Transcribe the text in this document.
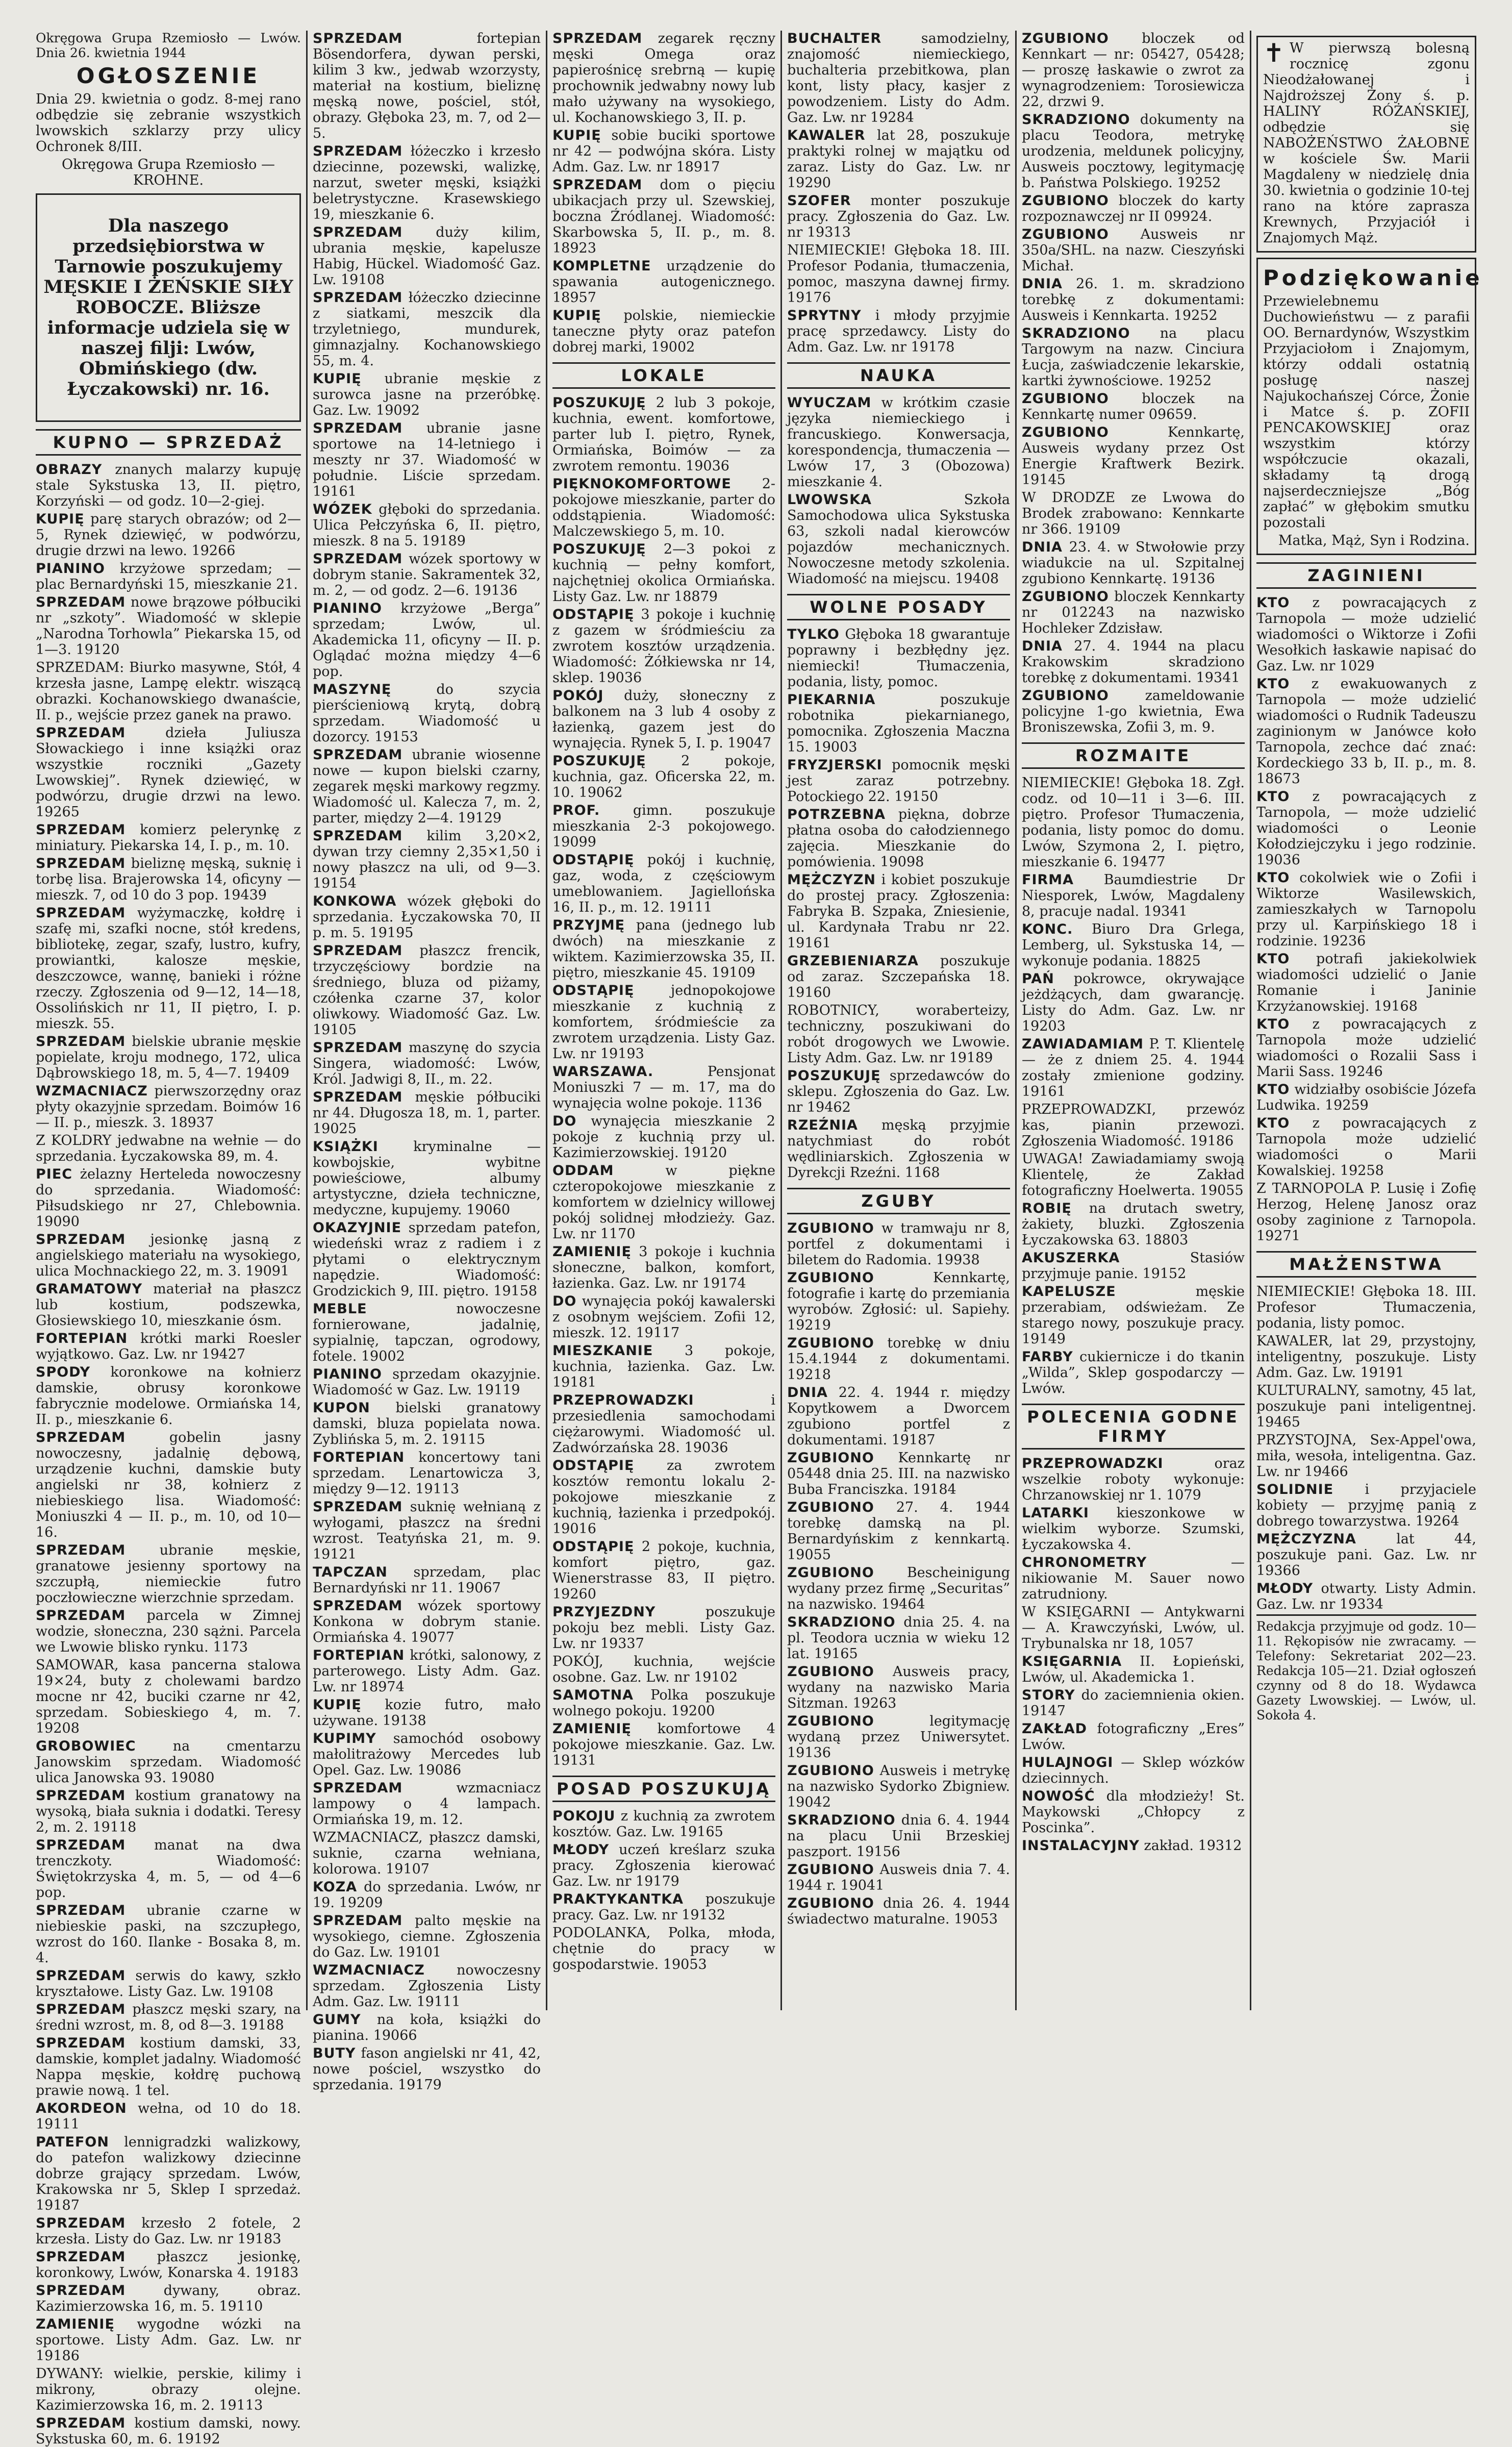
Okręgowa Grupa Rzemiosło — Lwów. Dnia 26. kwietnia 1944

OGŁOSZENIE

Dnia 29. kwietnia o godz. 8-mej rano odbędzie się zebranie wszystkich lwowskich szklarzy przy ulicy Ochronek 8/III.

Okręgowa Grupa Rzemiosło — KROHNE.

Dla naszego przedsiębiorstwa w Tarnowie poszukujemy MĘSKIE I ŻEŃSKIE SIŁY ROBOCZE. Bliższe informacje udziela się w naszej filji: Lwów, Obmińskiego (dw. Łyczakowski) nr. 16.

KUPNO — SPRZEDAŻ

OBRAZY znanych malarzy kupuję stale Sykstuska 13, II. piętro, Korzyński — od godz. 10—2-giej.

KUPIĘ parę starych obrazów; od 2—5, Rynek dziewięć, w podwórzu, drugie drzwi na lewo. 19266

PIANINO krzyżowe sprzedam; — plac Bernardyński 15, mieszkanie 21.

SPRZEDAM nowe brązowe półbuciki nr „szkoty”. Wiadomość w sklepie „Narodna Torhowla” Piekarska 15, od 1—3. 19120

SPRZEDAM: Biurko masywne, Stół, 4 krzesła jasne, Lampę elektr. wiszącą obrazki. Kochanowskiego dwanaście, II. p., wejście przez ganek na prawo.

SPRZEDAM dzieła Juliusza Słowackiego i inne książki oraz wszystkie roczniki „Gazety Lwowskiej”. Rynek dziewięć, w podwórzu, drugie drzwi na lewo. 19265

SPRZEDAM komierz pelerynkę z miniatury. Piekarska 14, I. p., m. 10.

SPRZEDAM bieliznę męską, suknię i torbę lisa. Brajerowska 14, oficyny — mieszk. 7, od 10 do 3 pop. 19439

SPRZEDAM wyżymaczkę, kołdrę i szafę mi, szafki nocne, stół kredens, bibliotekę, zegar, szafy, lustro, kufry, prowiantki, kalosze męskie, deszczowce, wannę, banieki i różne rzeczy. Zgłoszenia od 9—12, 14—18, Ossolińskich nr 11, II piętro, I. p. mieszk. 55.

SPRZEDAM bielskie ubranie męskie popielate, kroju modnego, 172, ulica Dąbrowskiego 18, m. 5, 4—7. 19409

WZMACNIACZ pierwszorzędny oraz płyty okazyjnie sprzedam. Boimów 16 — II. p., mieszk. 3. 18937

Z KOLDRY jedwabne na wełnie — do sprzedania. Łyczakowska 89, m. 4.

PIEC żelazny Herteleda nowoczesny do sprzedania. Wiadomość: Piłsudskiego nr 27, Chlebownia. 19090

SPRZEDAM jesionkę jasną z angielskiego materiału na wysokiego, ulica Mochnackiego 22, m. 3. 19091

GRAMATOWY materiał na płaszcz lub kostium, podszewka, Głosiewskiego 10, mieszkanie ósm.

FORTEPIAN krótki marki Roesler wyjątkowo. Gaz. Lw. nr 19427

SPODY koronkowe na kołnierz damskie, obrusy koronkowe fabrycznie modelowe. Ormiańska 14, II. p., mieszkanie 6.

SPRZEDAM gobelin jasny nowoczesny, jadalnię dębową, urządzenie kuchni, damskie buty angielski nr 38, kołnierz z niebieskiego lisa. Wiadomość: Moniuszki 4 — II. p., m. 10, od 10—16.

SPRZEDAM ubranie męskie, granatowe jesienny sportowy na szczupłą, niemieckie futro poczłowieczne wierzchnie sprzedam.

SPRZEDAM parcela w Zimnej wodzie, słoneczna, 230 sążni. Parcela we Lwowie blisko rynku. 1173

SAMOWAR, kasa pancerna stalowa 19×24, buty z cholewami bardzo mocne nr 42, buciki czarne nr 42, sprzedam. Sobieskiego 4, m. 7. 19208

GROBOWIEC na cmentarzu Janowskim sprzedam. Wiadomość ulica Janowska 93. 19080

SPRZEDAM kostium granatowy na wysoką, biała suknia i dodatki. Teresy 2, m. 2. 19118

SPRZEDAM manat na dwa trenczkoty. Wiadomość: Świętokrzyska 4, m. 5, — od 4—6 pop.

SPRZEDAM ubranie czarne w niebieskie paski, na szczupłego, wzrost do 160. Ilanke - Bosaka 8, m. 4.

SPRZEDAM serwis do kawy, szkło kryształowe. Listy Gaz. Lw. 19108

SPRZEDAM płaszcz męski szary, na średni wzrost, m. 8, od 8—3. 19188

SPRZEDAM kostium damski, 33, damskie, komplet jadalny. Wiadomość Nappa męskie, kołdrę puchową prawie nową. 1 tel.

AKORDEON wełna, od 10 do 18. 19111

PATEFON lennigradzki walizkowy, do patefon walizkowy dziecinne dobrze grający sprzedam. Lwów, Krakowska nr 5, Sklep I sprzedaż. 19187

SPRZEDAM krzesło 2 fotele, 2 krzesła. Listy do Gaz. Lw. nr 19183

SPRZEDAM płaszcz jesionkę, koronkowy, Lwów, Konarska 4. 19183

SPRZEDAM dywany, obraz. Kazimierzowska 16, m. 5. 19110

ZAMIENIĘ wygodne wózki na sportowe. Listy Adm. Gaz. Lw. nr 19186

DYWANY: wielkie, perskie, kilimy i mikrony, obrazy olejne. Kazimierzowska 16, m. 2. 19113

SPRZEDAM kostium damski, nowy. Sykstuska 60, m. 6. 19192

SPRZEDAM fortepian Bösendorfera, dywan perski, kilim 3 kw., jedwab wzorzysty, materiał na kostium, bieliznę męską nowe, pościel, stół, obrazy. Głęboka 23, m. 7, od 2—5.

SPRZEDAM łóżeczko i krzesło dziecinne, pozewski, walizkę, narzut, sweter męski, książki beletrystyczne. Krasewskiego 19, mieszkanie 6.

SPRZEDAM duży kilim, ubrania męskie, kapelusze Habig, Hückel. Wiadomość Gaz. Lw. 19108

SPRZEDAM łóżeczko dziecinne z siatkami, meszcik dla trzyletniego, mundurek, gimnazjalny. Kochanowskiego 55, m. 4.

KUPIĘ ubranie męskie z surowca jasne na przeróbkę. Gaz. Lw. 19092

SPRZEDAM ubranie jasne sportowe na 14-letniego i meszty nr 37. Wiadomość w południe. Liście sprzedam. 19161

WÓZEK głęboki do sprzedania. Ulica Pełczyńska 6, II. piętro, mieszk. 8 na 5. 19189

SPRZEDAM wózek sportowy w dobrym stanie. Sakramentek 32, m. 2, — od godz. 2—6. 19136

PIANINO krzyżowe „Berga” sprzedam; Lwów, ul. Akademicka 11, oficyny — II. p. Oglądać można między 4—6 pop.

MASZYNĘ do szycia pierścieniową krytą, dobrą sprzedam. Wiadomość u dozorcy. 19153

SPRZEDAM ubranie wiosenne nowe — kupon bielski czarny, zegarek męski markowy regzmy. Wiadomość ul. Kalecza 7, m. 2, parter, między 2—4. 19129

SPRZEDAM kilim 3,20×2, dywan trzy ciemny 2,35×1,50 i nowy płaszcz na uli, od 9—3. 19154

KONKOWA wózek głęboki do sprzedania. Łyczakowska 70, II p. m. 5. 19195

SPRZEDAM płaszcz frencik, trzyczęściowy bordzie na średniego, bluza od piżamy, czółenka czarne 37, kolor oliwkowy. Wiadomość Gaz. Lw. 19105

SPRZEDAM maszynę do szycia Singera, wiadomość: Lwów, Król. Jadwigi 8, II., m. 22.

SPRZEDAM męskie półbuciki nr 44. Długosza 18, m. 1, parter. 19025

KSIĄŻKI kryminalne — kowbojskie, wybitne powieściowe, albumy artystyczne, dzieła techniczne, medyczne, kupujemy. 19060

OKAZYJNIE sprzedam patefon, wiedeński wraz z radiem i z płytami o elektrycznym napędzie. Wiadomość: Grodzickich 9, III. piętro. 19158

MEBLE nowoczesne fornierowane, jadalnię, sypialnię, tapczan, ogrodowy, fotele. 19002

PIANINO sprzedam okazyjnie. Wiadomość w Gaz. Lw. 19119

KUPON bielski granatowy damski, bluza popielata nowa. Zyblińska 5, m. 2. 19115

FORTEPIAN koncertowy tani sprzedam. Lenartowicza 3, między 9—12. 19113

SPRZEDAM suknię wełnianą z wyłogami, płaszcz na średni wzrost. Teatyńska 21, m. 9. 19121

TAPCZAN sprzedam, plac Bernardyński nr 11. 19067

SPRZEDAM wózek sportowy Konkona w dobrym stanie. Ormiańska 4. 19077

FORTEPIAN krótki, salonowy, z parterowego. Listy Adm. Gaz. Lw. nr 18974

KUPIĘ kozie futro, mało używane. 19138

KUPIMY samochód osobowy małolitrażowy Mercedes lub Opel. Gaz. Lw. 19086

SPRZEDAM wzmacniacz lampowy o 4 lampach. Ormiańska 19, m. 12.

WZMACNIACZ, płaszcz damski, suknie, czarna wełniana, kolorowa. 19107

KOZA do sprzedania. Lwów, nr 19. 19209

SPRZEDAM palto męskie na wysokiego, ciemne. Zgłoszenia do Gaz. Lw. 19101

WZMACNIACZ nowoczesny sprzedam. Zgłoszenia Listy Adm. Gaz. Lw. 19111

GUMY na koła, książki do pianina. 19066

BUTY fason angielski nr 41, 42, nowe pościel, wszystko do sprzedania. 19179

SPRZEDAM zegarek ręczny męski Omega oraz papierośnicę srebrną — kupię prochownik jedwabny nowy lub mało używany na wysokiego, ul. Kochanowskiego 3, II. p.

KUPIĘ sobie buciki sportowe nr 42 — podwójna skóra. Listy Adm. Gaz. Lw. nr 18917

SPRZEDAM dom o pięciu ubikacjach przy ul. Szewskiej, boczna Źródlanej. Wiadomość: Skarbowska 5, II. p., m. 8. 18923

KOMPLETNE urządzenie do spawania autogenicznego. 18957

KUPIĘ polskie, niemieckie taneczne płyty oraz patefon dobrej marki, 19002

LOKALE

POSZUKUJĘ 2 lub 3 pokoje, kuchnia, ewent. komfortowe, parter lub I. piętro, Rynek, Ormiańska, Boimów — za zwrotem remontu. 19036

PIĘKNOKOMFORTOWE 2-pokojowe mieszkanie, parter do oddstąpienia. Wiadomość: Malczewskiego 5, m. 10.

POSZUKUJĘ 2—3 pokoi z kuchnią — pełny komfort, najchętniej okolica Ormiańska. Listy Gaz. Lw. nr 18879

ODSTĄPIĘ 3 pokoje i kuchnię z gazem w śródmieściu za zwrotem kosztów urządzenia. Wiadomość: Żółkiewska nr 14, sklep. 19036

POKÓJ duży, słoneczny z balkonem na 3 lub 4 osoby z łazienką, gazem jest do wynajęcia. Rynek 5, I. p. 19047

POSZUKUJĘ 2 pokoje, kuchnia, gaz. Oficerska 22, m. 10. 19062

PROF. gimn. poszukuje mieszkania 2-3 pokojowego. 19099

ODSTĄPIĘ pokój i kuchnię, gaz, woda, z częściowym umeblowaniem. Jagiellońska 16, II. p., m. 12. 19111

PRZYJMĘ pana (jednego lub dwóch) na mieszkanie z wiktem. Kazimierzowska 35, II. piętro, mieszkanie 45. 19109

ODSTĄPIĘ jednopokojowe mieszkanie z kuchnią z komfortem, śródmieście za zwrotem urządzenia. Listy Gaz. Lw. nr 19193

WARSZAWA. Pensjonat Moniuszki 7 — m. 17, ma do wynajęcia wolne pokoje. 1136

DO wynajęcia mieszkanie 2 pokoje z kuchnią przy ul. Kazimierzowskiej. 19120

ODDAM w piękne czteropokojowe mieszkanie z komfortem w dzielnicy willowej pokój solidnej młodzieży. Gaz. Lw. nr 1170

ZAMIENIĘ 3 pokoje i kuchnia słoneczne, balkon, komfort, łazienka. Gaz. Lw. nr 19174

DO wynajęcia pokój kawalerski z osobnym wejściem. Zofii 12, mieszk. 12. 19117

MIESZKANIE 3 pokoje, kuchnia, łazienka. Gaz. Lw. 19181

PRZEPROWADZKI i przesiedlenia samochodami ciężarowymi. Wiadomość ul. Zadwórzańska 28. 19036

ODSTĄPIĘ za zwrotem kosztów remontu lokalu 2-pokojowe mieszkanie z kuchnią, łazienka i przedpokój. 19016

ODSTĄPIĘ 2 pokoje, kuchnia, komfort piętro, gaz. Wienerstrasse 83, II piętro. 19260

PRZYJEZDNY poszukuje pokoju bez mebli. Listy Gaz. Lw. nr 19337

POKÓJ, kuchnia, wejście osobne. Gaz. Lw. nr 19102

SAMOTNA Polka poszukuje wolnego pokoju. 19200

ZAMIENIĘ komfortowe 4 pokojowe mieszkanie. Gaz. Lw. 19131

POSAD POSZUKUJĄ

POKOJU z kuchnią za zwrotem kosztów. Gaz. Lw. 19165

MŁODY uczeń kreślarz szuka pracy. Zgłoszenia kierować Gaz. Lw. nr 19179

PRAKTYKANTKA poszukuje pracy. Gaz. Lw. nr 19132

PODOLANKA, Polka, młoda, chętnie do pracy w gospodarstwie. 19053

BUCHALTER samodzielny, znajomość niemieckiego, buchalteria przebitkowa, plan kont, listy płacy, kasjer z powodzeniem. Listy do Adm. Gaz. Lw. nr 19284

KAWALER lat 28, poszukuje praktyki rolnej w majątku od zaraz. Listy do Gaz. Lw. nr 19290

SZOFER monter poszukuje pracy. Zgłoszenia do Gaz. Lw. nr 19313

NIEMIECKIE! Głęboka 18. III. Profesor Podania, tłumaczenia, pomoc, maszyna dawnej firmy. 19176

SPRYTNY i młody przyjmie pracę sprzedawcy. Listy do Adm. Gaz. Lw. nr 19178

NAUKA

WYUCZAM w krótkim czasie języka niemieckiego i francuskiego. Konwersacja, korespondencja, tłumaczenia — Lwów 17, 3 (Obozowa) mieszkanie 4.

LWOWSKA Szkoła Samochodowa ulica Sykstuska 63, szkoli nadal kierowców pojazdów mechanicznych. Nowoczesne metody szkolenia. Wiadomość na miejscu. 19408

WOLNE POSADY

TYLKO Głęboka 18 gwarantuje poprawny i bezbłędny jęz. niemiecki! Tłumaczenia, podania, listy, pomoc.

PIEKARNIA poszukuje robotnika piekarnianego, pomocnika. Zgłoszenia Maczna 15. 19003

FRYZJERSKI pomocnik męski jest zaraz potrzebny. Potockiego 22. 19150

POTRZEBNA piękna, dobrze płatna osoba do całodziennego zajęcia. Mieszkanie do pomówienia. 19098

MĘŻCZYZN i kobiet poszukuje do prostej pracy. Zgłoszenia: Fabryka B. Szpaka, Zniesienie, ul. Kardynała Trabu nr 22. 19161

GRZEBIENIARZA poszukuje od zaraz. Szczepańska 18. 19160

ROBOTNICY, woraberteizy, techniczny, poszukiwani do robót drogowych we Lwowie. Listy Adm. Gaz. Lw. nr 19189

POSZUKUJĘ sprzedawców do sklepu. Zgłoszenia do Gaz. Lw. nr 19462

RZEŹNIA męską przyjmie natychmiast do robót wędliniarskich. Zgłoszenia w Dyrekcji Rzeźni. 1168

ZGUBY

ZGUBIONO w tramwaju nr 8, portfel z dokumentami i biletem do Radomia. 19938

ZGUBIONO Kennkartę, fotografie i kartę do przemiania wyrobów. Zgłosić: ul. Sapiehy. 19219

ZGUBIONO torebkę w dniu 15.4.1944 z dokumentami. 19218

DNIA 22. 4. 1944 r. między Kopytkowem a Dworcem zgubiono portfel z dokumentami. 19187

ZGUBIONO Kennkartę nr 05448 dnia 25. III. na nazwisko Buba Franciszka. 19184

ZGUBIONO 27. 4. 1944 torebkę damską na pl. Bernardyńskim z kennkartą. 19055

ZGUBIONO Bescheinigung wydany przez firmę „Securitas” na nazwisko. 19464

SKRADZIONO dnia 25. 4. na pl. Teodora ucznia w wieku 12 lat. 19165

ZGUBIONO Ausweis pracy, wydany na nazwisko Maria Sitzman. 19263

ZGUBIONO legitymację wydaną przez Uniwersytet. 19136

ZGUBIONO Ausweis i metrykę na nazwisko Sydorko Zbigniew. 19042

SKRADZIONO dnia 6. 4. 1944 na placu Unii Brzeskiej paszport. 19156

ZGUBIONO Ausweis dnia 7. 4. 1944 r. 19041

ZGUBIONO dnia 26. 4. 1944 świadectwo maturalne. 19053

ZGUBIONO bloczek od Kennkart — nr: 05427, 05428; — proszę łaskawie o zwrot za wynagrodzeniem: Torosiewicza 22, drzwi 9.

SKRADZIONO dokumenty na placu Teodora, metrykę urodzenia, meldunek policyjny, Ausweis pocztowy, legitymację b. Państwa Polskiego. 19252

ZGUBIONO bloczek do karty rozpoznawczej nr II 09924.

ZGUBIONO Ausweis nr 350a/SHL. na nazw. Cieszyński Michał.

DNIA 26. 1. m. skradziono torebkę z dokumentami: Ausweis i Kennkarta. 19252

SKRADZIONO na placu Targowym na nazw. Cinciura Łucja, zaświadczenie lekarskie, kartki żywnościowe. 19252

ZGUBIONO bloczek na Kennkartę numer 09659.

ZGUBIONO Kennkartę, Ausweis wydany przez Ost Energie Kraftwerk Bezirk. 19145

W DRODZE ze Lwowa do Brodek zrabowano: Kennkarte nr 366. 19109

DNIA 23. 4. w Stwołowie przy wiadukcie na ul. Szpitalnej zgubiono Kennkartę. 19136

ZGUBIONO bloczek Kennkarty nr 012243 na nazwisko Hochleker Zdzisław.

DNIA 27. 4. 1944 na placu Krakowskim skradziono torebkę z dokumentami. 19341

ZGUBIONO zameldowanie policyjne 1-go kwietnia, Ewa Broniszewska, Zofii 3, m. 9.

ROZMAITE

NIEMIECKIE! Głęboka 18. Zgł. codz. od 10—11 i 3—6. III. piętro. Profesor Tłumaczenia, podania, listy pomoc do domu. Lwów, Szymona 2, I. piętro, mieszkanie 6. 19477

FIRMA Baumdiestrie Dr Niesporek, Lwów, Magdaleny 8, pracuje nadal. 19341

KONC. Biuro Dra Grlega, Lemberg, ul. Sykstuska 14, — wykonuje podania. 18825

PAŃ pokrowce, okrywające jeżdżących, dam gwarancję. Listy do Adm. Gaz. Lw. nr 19203

ZAWIADAMIAM P. T. Klientelę — że z dniem 25. 4. 1944 zostały zmienione godziny. 19161

PRZEPROWADZKI, przewóz kas, pianin przewozi. Zgłoszenia Wiadomość. 19186

UWAGA! Zawiadamiamy swoją Klientelę, że Zakład fotograficzny Hoelwerta. 19055

ROBIĘ na drutach swetry, żakiety, bluzki. Zgłoszenia Łyczakowska 63. 18803

AKUSZERKA Stasiów przyjmuje panie. 19152

KAPELUSZE męskie przerabiam, odświeżam. Ze starego nowy, poszukuje pracy. 19149

FARBY cukiernicze i do tkanin „Wilda”, Sklep gospodarczy — Lwów.

POLECENIA GODNE FIRMY

PRZEPROWADZKI oraz wszelkie roboty wykonuje: Chrzanowskiej nr 1. 1079

LATARKI kieszonkowe w wielkim wyborze. Szumski, Łyczakowska 4.

CHRONOMETRY — nikiowanie M. Sauer nowo zatrudniony.

W KSIĘGARNI — Antykwarni — A. Krawczyński, Lwów, ul. Trybunalska nr 18, 1057

KSIĘGARNIA II. Łopieński, Lwów, ul. Akademicka 1.

STORY do zaciemnienia okien. 19147

ZAKŁAD fotograficzny „Eres” Lwów.

HULAJNOGI — Sklep wózków dziecinnych.

NOWOŚĆ dla młodzieży! St. Maykowski „Chłopcy z Poscinka”.

INSTALACYJNY zakład. 19312

✝ W pierwszą bolesną rocznicę zgonu Nieodżałowanej i Najdroższej Żony ś. p. HALINY RÓŻAŃSKIEJ, odbędzie się NABOŻEŃSTWO ŻAŁOBNE w kościele Św. Marii Magdaleny w niedzielę dnia 30. kwietnia o godzinie 10-tej rano na które zaprasza Krewnych, Przyjaciół i Znajomych Mąż.

Podziękowanie

Przewielebnemu Duchowieństwu — z parafii OO. Bernardynów, Wszystkim Przyjaciołom i Znajomym, którzy oddali ostatnią posługę naszej Najukochańszej Córce, Żonie i Matce ś. p. ZOFII PENCAKOWSKIEJ oraz wszystkim którzy współczucie okazali, składamy tą drogą najserdeczniejsze „Bóg zapłać” w głębokim smutku pozostali

Matka, Mąż, Syn i Rodzina.

ZAGINIENI

KTO z powracających z Tarnopola — może udzielić wiadomości o Wiktorze i Zofii Wesołkich łaskawie napisać do Gaz. Lw. nr 1029

KTO z ewakuowanych z Tarnopola — może udzielić wiadomości o Rudnik Tadeuszu zaginionym w Janówce koło Tarnopola, zechce dać znać: Kordeckiego 33 b, II. p., m. 8. 18673

KTO z powracających z Tarnopola, — może udzielić wiadomości o Leonie Kołodziejczyku i jego rodzinie. 19036

KTO cokolwiek wie o Zofii i Wiktorze Wasilewskich, zamieszkałych w Tarnopolu przy ul. Karpińskiego 18 i rodzinie. 19236

KTO potrafi jakiekolwiek wiadomości udzielić o Janie Romanie i Janinie Krzyżanowskiej. 19168

KTO z powracających z Tarnopola może udzielić wiadomości o Rozalii Sass i Marii Sass. 19246

KTO widziałby osobiście Józefa Ludwika. 19259

KTO z powracających z Tarnopola może udzielić wiadomości o Marii Kowalskiej. 19258

Z TARNOPOLA P. Lusię i Zofię Herzog, Helenę Janosz oraz osoby zaginione z Tarnopola. 19271

MAŁŻENSTWA

NIEMIECKIE! Głęboka 18. III. Profesor Tłumaczenia, podania, listy pomoc.

KAWALER, lat 29, przystojny, inteligentny, poszukuje. Listy Adm. Gaz. Lw. 19191

KULTURALNY, samotny, 45 lat, poszukuje pani inteligentnej. 19465

PRZYSTOJNA, Sex-Appel'owa, miła, wesoła, inteligentna. Gaz. Lw. nr 19466

SOLIDNIE i przyjaciele kobiety — przyjmę panią z dobrego towarzystwa. 19264

MĘŻCZYZNA lat 44, poszukuje pani. Gaz. Lw. nr 19366

MŁODY otwarty. Listy Admin. Gaz. Lw. nr 19334

Redakcja przyjmuje od godz. 10—11. Rękopisów nie zwracamy. — Telefony: Sekretariat 202—23. Redakcja 105—21. Dział ogłoszeń czynny od 8 do 18. Wydawca Gazety Lwowskiej. — Lwów, ul. Sokoła 4.
